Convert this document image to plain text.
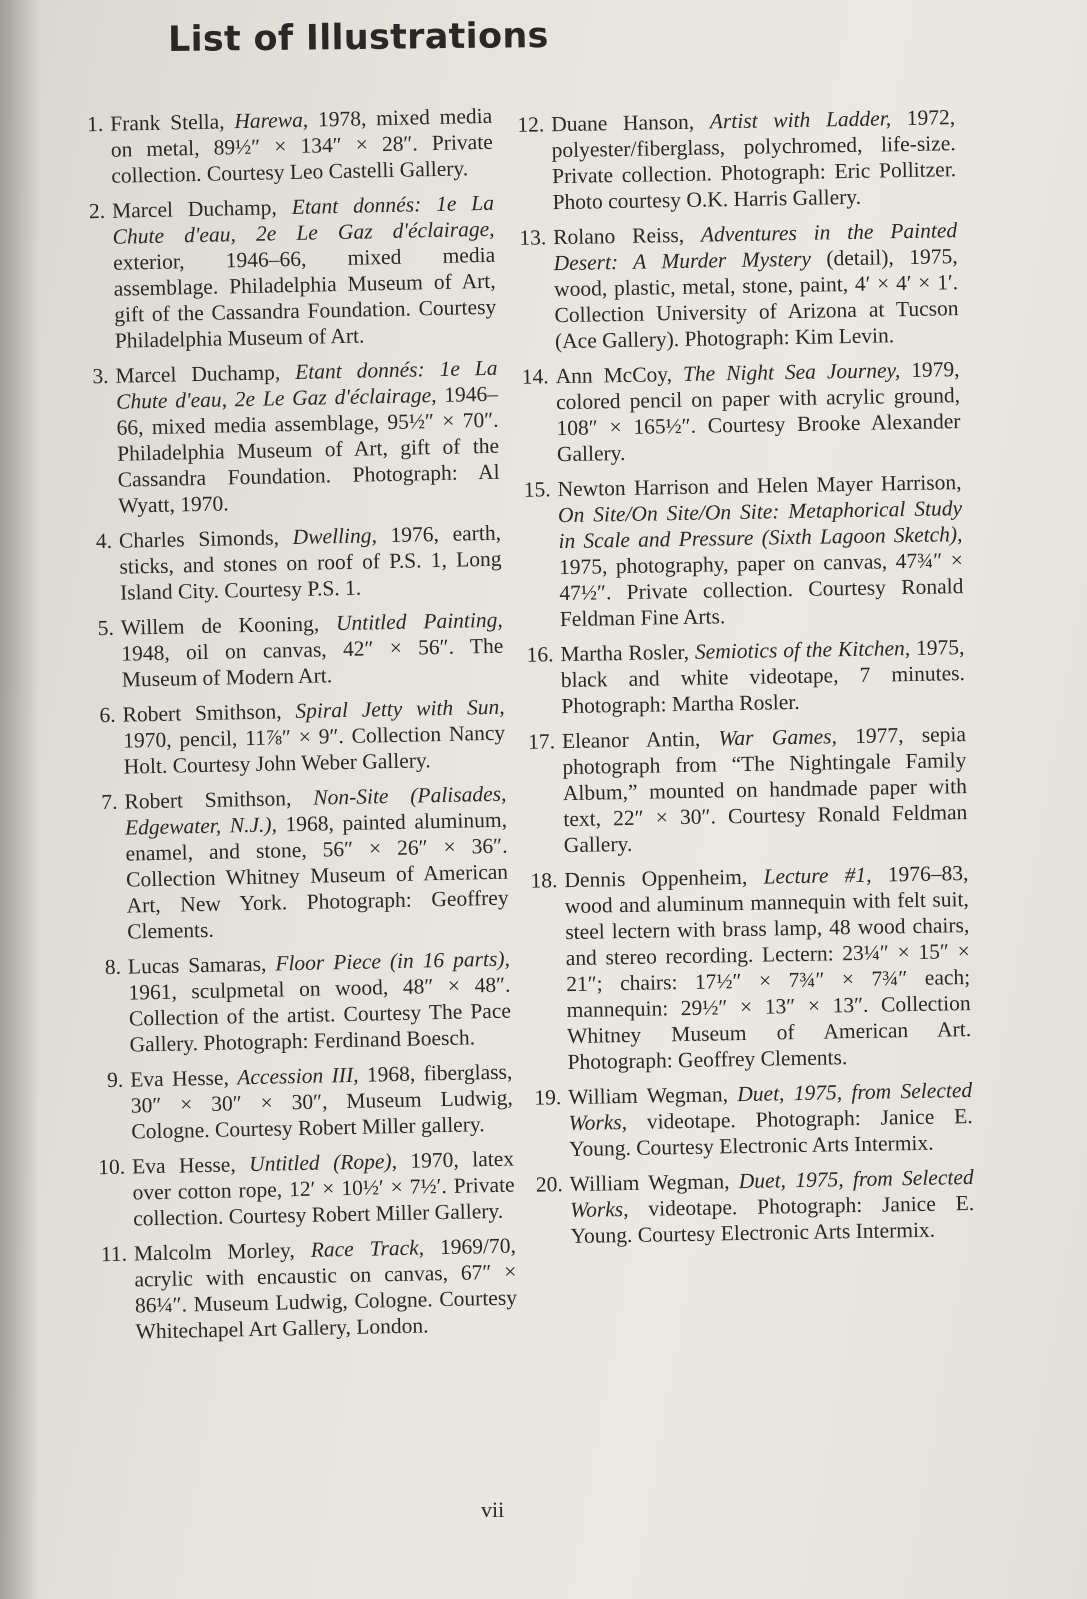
List of Illustrations
1. Frank Stella, Harewa, 1978, mixed media on metal, 89½″ × 134″ × 28″. Private collection. Courtesy Leo Castelli Gallery.
2. Marcel Duchamp, Etant donnés: 1e La Chute d'eau, 2e Le Gaz d'éclairage, exterior, 1946–66, mixed media assemblage. Philadelphia Museum of Art, gift of the Cassandra Foundation. Courtesy Philadelphia Museum of Art.
3. Marcel Duchamp, Etant donnés: 1e La Chute d'eau, 2e Le Gaz d'éclairage, 1946–66, mixed media assemblage, 95½″ × 70″. Philadelphia Museum of Art, gift of the Cassandra Foundation. Photograph: Al Wyatt, 1970.
4. Charles Simonds, Dwelling, 1976, earth, sticks, and stones on roof of P.S. 1, Long Island City. Courtesy P.S. 1.
5. Willem de Kooning, Untitled Painting, 1948, oil on canvas, 42″ × 56″. The Museum of Modern Art.
6. Robert Smithson, Spiral Jetty with Sun, 1970, pencil, 11⅞″ × 9″. Collection Nancy Holt. Courtesy John Weber Gallery.
7. Robert Smithson, Non-Site (Palisades, Edgewater, N.J.), 1968, painted aluminum, enamel, and stone, 56″ × 26″ × 36″. Collection Whitney Museum of American Art, New York. Photograph: Geoffrey Clements.
8. Lucas Samaras, Floor Piece (in 16 parts), 1961, sculpmetal on wood, 48″ × 48″. Collection of the artist. Courtesy The Pace Gallery. Photograph: Ferdinand Boesch.
9. Eva Hesse, Accession III, 1968, fiberglass, 30″ × 30″ × 30″, Museum Ludwig, Cologne. Courtesy Robert Miller gallery.
10. Eva Hesse, Untitled (Rope), 1970, latex over cotton rope, 12′ × 10½′ × 7½′. Private collection. Courtesy Robert Miller Gallery.
11. Malcolm Morley, Race Track, 1969/70, acrylic with encaustic on canvas, 67″ × 86¼″. Museum Ludwig, Cologne. Courtesy Whitechapel Art Gallery, London.
12. Duane Hanson, Artist with Ladder, 1972, polyester/fiberglass, polychromed, life-size. Private collection. Photograph: Eric Pollitzer. Photo courtesy O.K. Harris Gallery.
13. Rolano Reiss, Adventures in the Painted Desert: A Murder Mystery (detail), 1975, wood, plastic, metal, stone, paint, 4′ × 4′ × 1′. Collection University of Arizona at Tucson (Ace Gallery). Photograph: Kim Levin.
14. Ann McCoy, The Night Sea Journey, 1979, colored pencil on paper with acrylic ground, 108″ × 165½″. Courtesy Brooke Alexander Gallery.
15. Newton Harrison and Helen Mayer Harrison, On Site/On Site/On Site: Metaphorical Study in Scale and Pressure (Sixth Lagoon Sketch), 1975, photography, paper on canvas, 47¾″ × 47½″. Private collection. Courtesy Ronald Feldman Fine Arts.
16. Martha Rosler, Semiotics of the Kitchen, 1975, black and white videotape, 7 minutes. Photograph: Martha Rosler.
17. Eleanor Antin, War Games, 1977, sepia photograph from “The Nightingale Family Album,” mounted on handmade paper with text, 22″ × 30″. Courtesy Ronald Feldman Gallery.
18. Dennis Oppenheim, Lecture #1, 1976–83, wood and aluminum mannequin with felt suit, steel lectern with brass lamp, 48 wood chairs, and stereo recording. Lectern: 23¼″ × 15″ × 21″; chairs: 17½″ × 7¾″ × 7¾″ each; mannequin: 29½″ × 13″ × 13″. Collection Whitney Museum of American Art. Photograph: Geoffrey Clements.
19. William Wegman, Duet, 1975, from Selected Works, videotape. Photograph: Janice E. Young. Courtesy Electronic Arts Intermix.
20. William Wegman, Duet, 1975, from Selected Works, videotape. Photograph: Janice E. Young. Courtesy Electronic Arts Intermix.
vii
